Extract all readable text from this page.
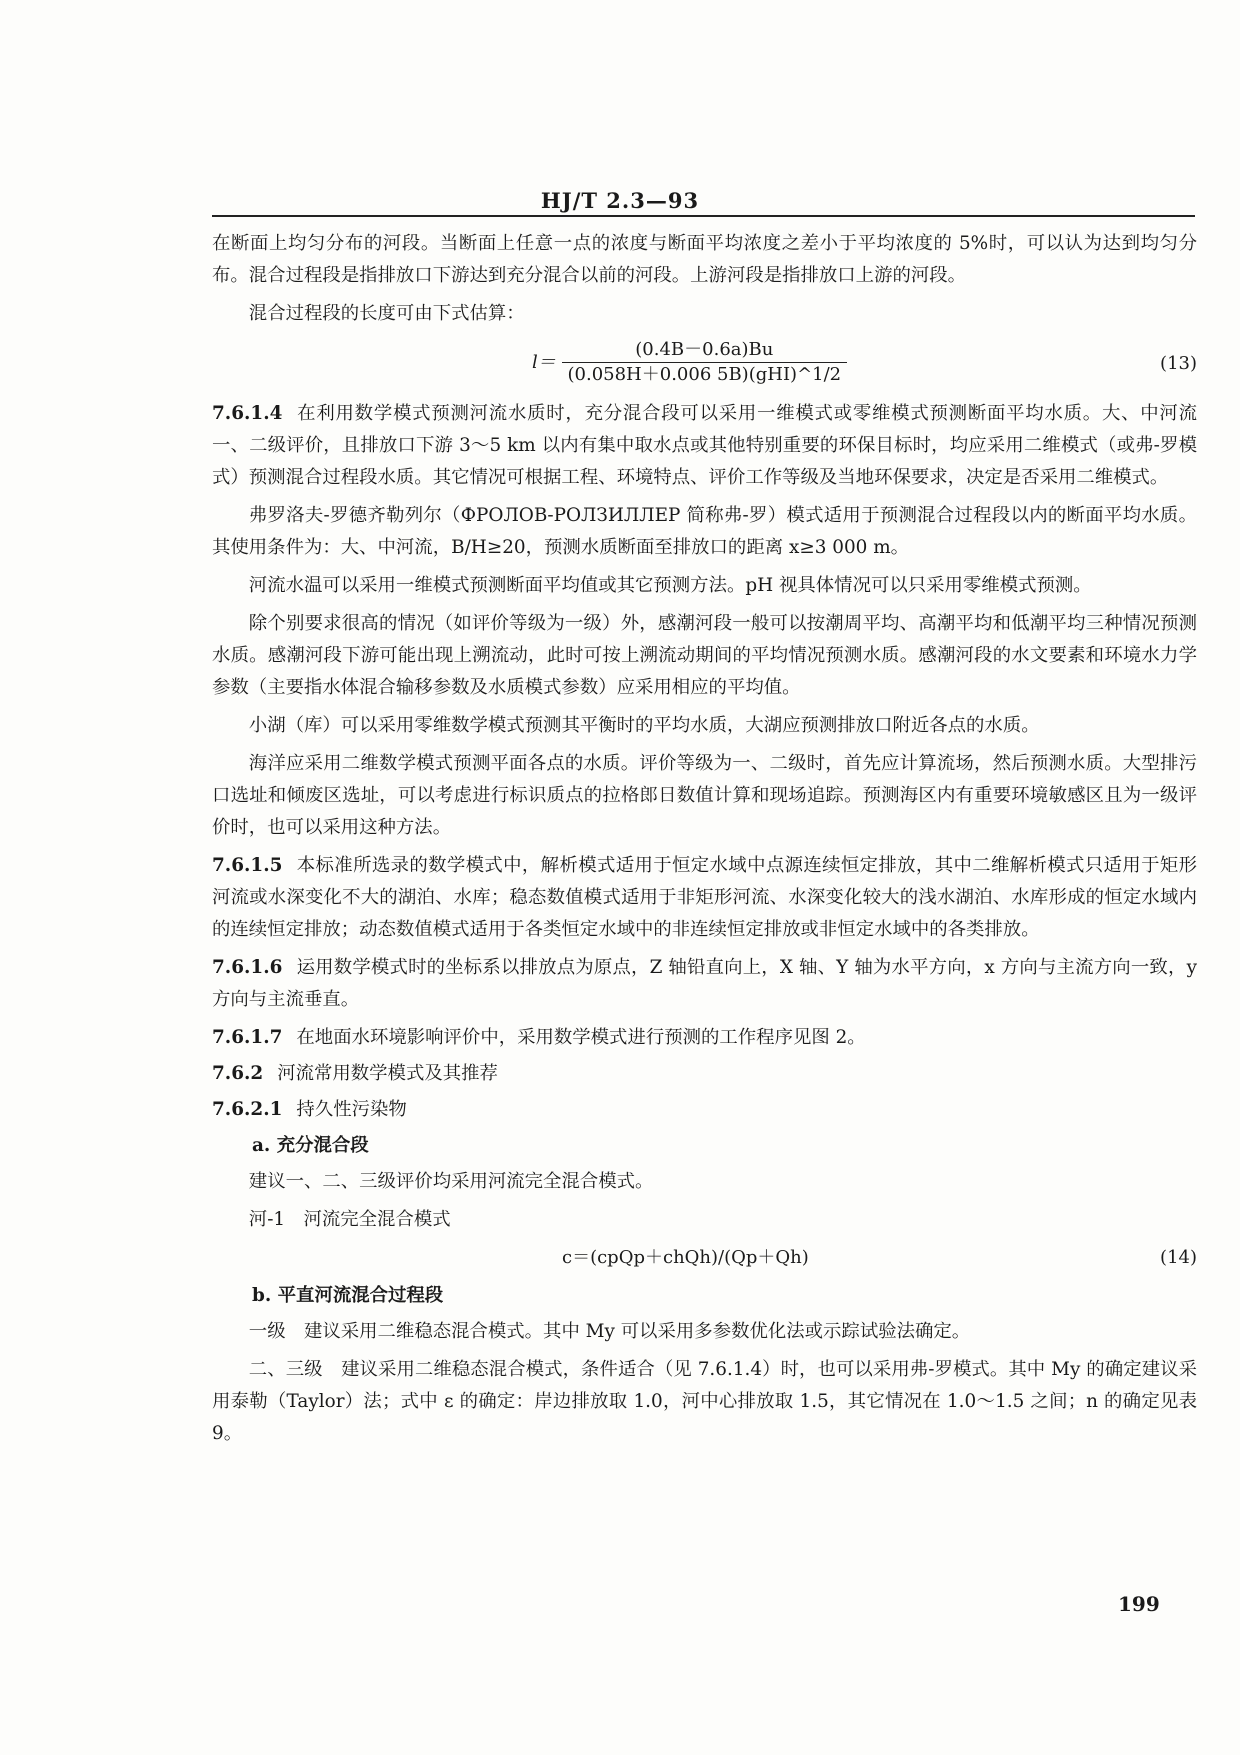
HJ/T 2.3—93

在断面上均匀分布的河段。当断面上任意一点的浓度与断面平均浓度之差小于平均浓度的 5%时，可以认为达到均匀分布。混合过程段是指排放口下游达到充分混合以前的河段。上游河段是指排放口上游的河段。

混合过程段的长度可由下式估算：

$l= \frac{(0.4B-0.6a)Bu}{\text{(0.058H＋0.006 5B)(gHI)\textasciicircum{}1/2}}$	(13)

7.6.1.4 在利用数学模式预测河流水质时，充分混合段可以采用一维模式或零维模式预测断面平均水质。大、中河流一、二级评价，且排放口下游 3～5 km 以内有集中取水点或其他特别重要的环保目标时，均应采用二维模式（或弗-罗模式）预测混合过程段水质。其它情况可根据工程、环境特点、评价工作等级及当地环保要求，决定是否采用二维模式。

弗罗洛夫-罗德齐勒列尔（ФРОЛОВ-РОЛЗИЛЛЕР 简称弗-罗）模式适用于预测混合过程段以内的断面平均水质。其使用条件为：大、中河流，B/H≥20，预测水质断面至排放口的距离 x≥3 000 m。

河流水温可以采用一维模式预测断面平均值或其它预测方法。pH 视具体情况可以只采用零维模式预测。

除个别要求很高的情况（如评价等级为一级）外，感潮河段一般可以按潮周平均、高潮平均和低潮平均三种情况预测水质。感潮河段下游可能出现上溯流动，此时可按上溯流动期间的平均情况预测水质。感潮河段的水文要素和环境水力学参数（主要指水体混合输移参数及水质模式参数）应采用相应的平均值。

小湖（库）可以采用零维数学模式预测其平衡时的平均水质，大湖应预测排放口附近各点的水质。

海洋应采用二维数学模式预测平面各点的水质。评价等级为一、二级时，首先应计算流场，然后预测水质。大型排污口选址和倾废区选址，可以考虑进行标识质点的拉格郎日数值计算和现场追踪。预测海区内有重要环境敏感区且为一级评价时，也可以采用这种方法。

7.6.1.5 本标准所选录的数学模式中，解析模式适用于恒定水域中点源连续恒定排放，其中二维解析模式只适用于矩形河流或水深变化不大的湖泊、水库；稳态数值模式适用于非矩形河流、水深变化较大的浅水湖泊、水库形成的恒定水域内的连续恒定排放；动态数值模式适用于各类恒定水域中的非连续恒定排放或非恒定水域中的各类排放。

7.6.1.6 运用数学模式时的坐标系以排放点为原点，Z 轴铅直向上，X 轴、Y 轴为水平方向，x 方向与主流方向一致，y 方向与主流垂直。

7.6.1.7 在地面水环境影响评价中，采用数学模式进行预测的工作程序见图 2。

7.6.2 河流常用数学模式及其推荐

7.6.2.1 持久性污染物

a. 充分混合段

建议一、二、三级评价均采用河流完全混合模式。

河-1　河流完全混合模式

c＝(cpQp＋chQh)/(Qp＋Qh)	(14)

b. 平直河流混合过程段

一级　建议采用二维稳态混合模式。其中 My 可以采用多参数优化法或示踪试验法确定。

二、三级　建议采用二维稳态混合模式，条件适合（见 7.6.1.4）时，也可以采用弗-罗模式。其中 My 的确定建议采用泰勒（Taylor）法；式中 ε 的确定：岸边排放取 1.0，河中心排放取 1.5，其它情况在 1.0～1.5 之间；n 的确定见表 9。

199
